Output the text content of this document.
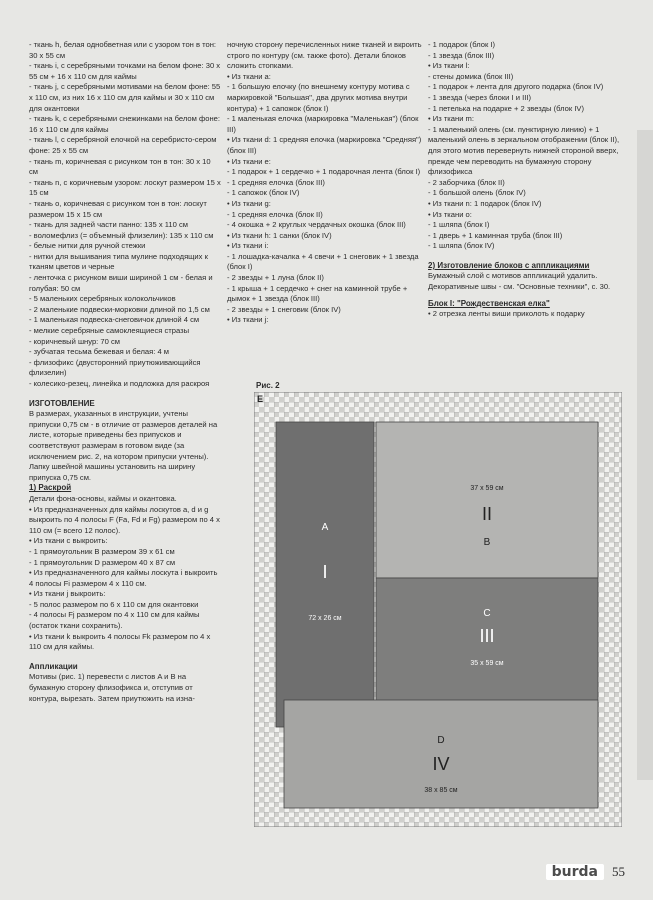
- ткань h, белая однобветная или с узором тон в тон: 30 x 55 см

- ткань i, с серебряными точками на белом фоне: 30 x 55 см + 16 x 110 см для каймы

- ткань j, с серебряными мотивами на белом фоне: 55 x 110 см, из них 16 x 110 см для каймы и 30 x 110 см для окантовки

- ткань k, с серебряными снежинками на белом фоне: 16 x 110 см для каймы

- ткань l, с серебряной елочкой на серебристо-сером фоне: 25 x 55 см

- ткань m, коричневая с рисунком тон в тон: 30 x 10 см

- ткань n, с коричневым узором: лоскут размером 15 x 15 см

- ткань o, коричневая с рисунком тон в тон: лоскут размером 15 x 15 см

- ткань для задней части панно: 135 x 110 см

- воломефлиз (= объемный флизелин): 135 x 110 см

- белые нитки для ручной стежки

- нитки для вышивания типа мулине подходящих к тканям цветов и черные

- ленточка с рисунком виши шириной 1 см - белая и голубая: 50 см

- 5 маленьких серебряных колокольчиков

- 2 маленькие подвески-морковки длиной по 1,5 см

- 1 маленькая подвеска-снеговичок длиной 4 см

- мелкие серебряные самоклеящиеся стразы

- коричневый шнур: 70 см

- зубчатая тесьма бежевая и белая: 4 м

- флизофикс (двусторонний приутюживающийся флизелин)

- колесико-резец, линейка и подложка для раскроя

ИЗГОТОВЛЕНИЕ

В размерах, указанных в инструкции, учтены припуски 0,75 см - в отличие от размеров деталей на листе, которые приведены без припусков и соответствуют размерам в готовом виде (за исключением рис. 2, на котором припуски учтены). Лапку швейной машины установить на ширину припуска 0,75 см.

1) Раскрой

Детали фона-основы, каймы и окантовка.

• Из предназначенных для каймы лоскутов a, d и g выкроить по 4 полосы F (Fa, Fd и Fg) размером по 4 x 110 см (= всего 12 полос).

• Из ткани c выкроить:

- 1 прямоугольник B размером 39 x 61 см

- 1 прямоугольник D размером 40 x 87 см

• Из предназначенного для каймы лоскута i выкроить 4 полосы Fi размером 4 x 110 см.

• Из ткани j выкроить:

- 5 полос размером по 6 x 110 см для окантовки

- 4 полосы Fj размером по 4 x 110 см для каймы (остаток ткани сохранить).

• Из ткани k выкроить 4 полосы Fk размером по 4 x 110 см для каймы.

Аппликации

Мотивы (рис. 1) перевести с листов A и B на бумажную сторону флизофикса и, отступив от контура, вырезать. Затем приутюжить на изна-

ночную сторону перечисленных ниже тканей и вкроить строго по контуру (см. также фото). Детали блоков сложить стопками.

• Из ткани a:

- 1 большую елочку (по внешнему контуру мотива с маркировкой "Большая", два других мотива внутри контура) + 1 сапожок (блок I)

- 1 маленькая елочка (маркировка "Маленькая") (блок III)

• Из ткани d: 1 средняя елочка (маркировка "Средняя") (блок III)

• Из ткани e:

- 1 подарок + 1 сердечко + 1 подарочная лента (блок I)

- 1 средняя елочка (блок III)

- 1 сапожок (блок IV)

• Из ткани g:

- 1 средняя елочка (блок II)

- 4 окошка + 2 круглых чердачных окошка (блок III)

• Из ткани h: 1 санки (блок IV)

• Из ткани i:

- 1 лошадка-качалка + 4 свечи + 1 снеговик + 1 звезда (блок I)

- 2 звезды + 1 луна (блок II)

- 1 крыша + 1 сердечко + снег на каминной трубе + дымок + 1 звезда (блок III)

- 2 звезды + 1 снеговик (блок IV)

• Из ткани j:

- 1 подарок (блок I)

- 1 звезда (блок III)

• Из ткани l:

- стены домика (блок III)

- 1 подарок + лента для другого подарка (блок IV)

- 1 звезда (через блоки I и III)

- 1 петелька на подарке + 2 звезды (блок IV)

• Из ткани m:

- 1 маленький олень (см. пунктирную линию) + 1 маленький олень в зеркальном отображении (блок II), для этого мотив перевернуть нижней стороной вверх, прежде чем переводить на бумажную сторону флизофикса

- 2 заборчика (блок II)

- 1 большой олень (блок IV)

• Из ткани n: 1 подарок (блок IV)

• Из ткани o:

- 1 шляпа (блок I)

- 1 дверь + 1 каминная труба (блок III)

- 1 шляпа (блок IV)

2) Изготовление блоков с аппликациями

Бумажный слой с мотивов аппликаций удалить. Декоративные швы - см. "Основные техники", с. 30.

Блок I: "Рождественская елка"

• 2 отрезка ленты виши приколоть к подарку

Рис. 2
E
A
I
72 x 26 см
37 x 59 см
II
B
C
III
35 x 59 см
D
IV
38 x 85 см
burda	55
